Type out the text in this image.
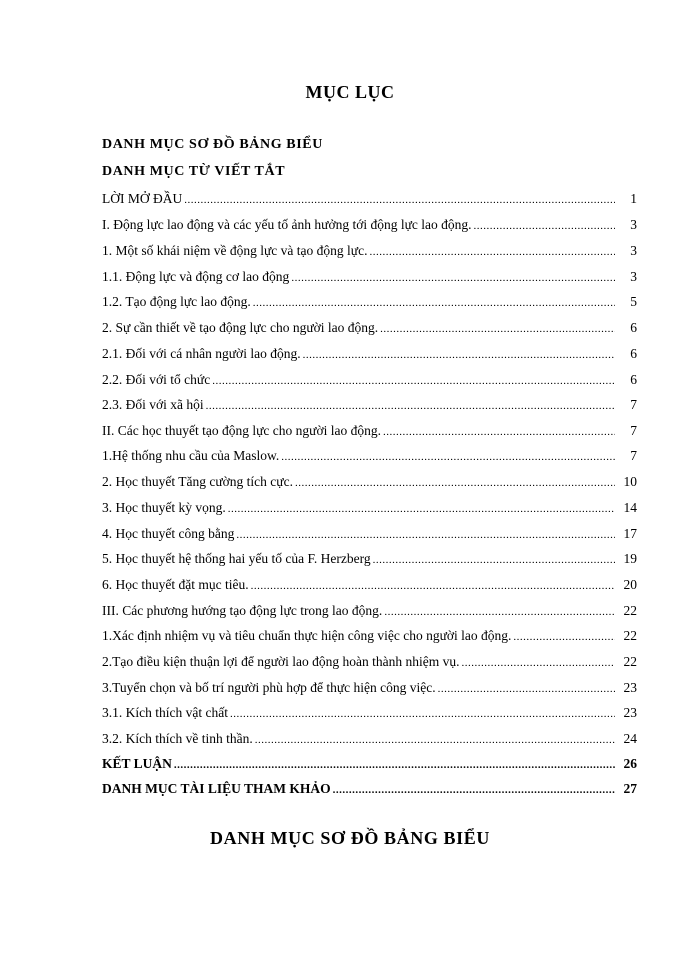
MỤC LỤC
DANH MỤC SƠ ĐỒ BẢNG BIỂU
DANH MỤC TỪ VIẾT TẮT
LỜI MỞ ĐẦU .....	1
I. Động lực lao động và các yếu tố ảnh hưởng tới động lực lao động. .....	3
1. Một số khái niệm về động lực và tạo động lực. .....	3
1.1. Động lực và động cơ lao động .....	3
1.2. Tạo động lực lao động. .....	5
2. Sự cần thiết về tạo động lực cho người lao động. .....	6
2.1. Đối với cá nhân người lao động. .....	6
2.2. Đối với tổ chức .....	6
2.3. Đối với xã hội .....	7
II. Các học thuyết tạo động lực cho người lao động. .....	7
1.Hệ thống nhu cầu của Maslow. .....	7
2. Học thuyết Tăng cường tích cực. .....	10
3. Học thuyết kỳ vọng. .....	14
4. Học thuyết công bằng .....	17
5. Học thuyết hệ thống hai yếu tố của F. Herzberg .....	19
6. Học thuyết đặt mục tiêu. .....	20
III. Các phương hướng tạo động lực trong lao động. .....	22
1.Xác định nhiệm vụ và tiêu chuẩn thực hiện công việc cho người lao động. .....	22
2.Tạo điều kiện thuận lợi để người lao động hoàn thành nhiệm vụ. .....	22
3.Tuyển chọn và bố trí người phù hợp để thực hiện công việc. .....	23
3.1. Kích thích vật chất .....	23
3.2. Kích thích về tinh thần. .....	24
KẾT LUẬN .....	26
DANH MỤC TÀI LIỆU THAM KHẢO .....	27
DANH MỤC SƠ ĐỒ BẢNG BIỂU
